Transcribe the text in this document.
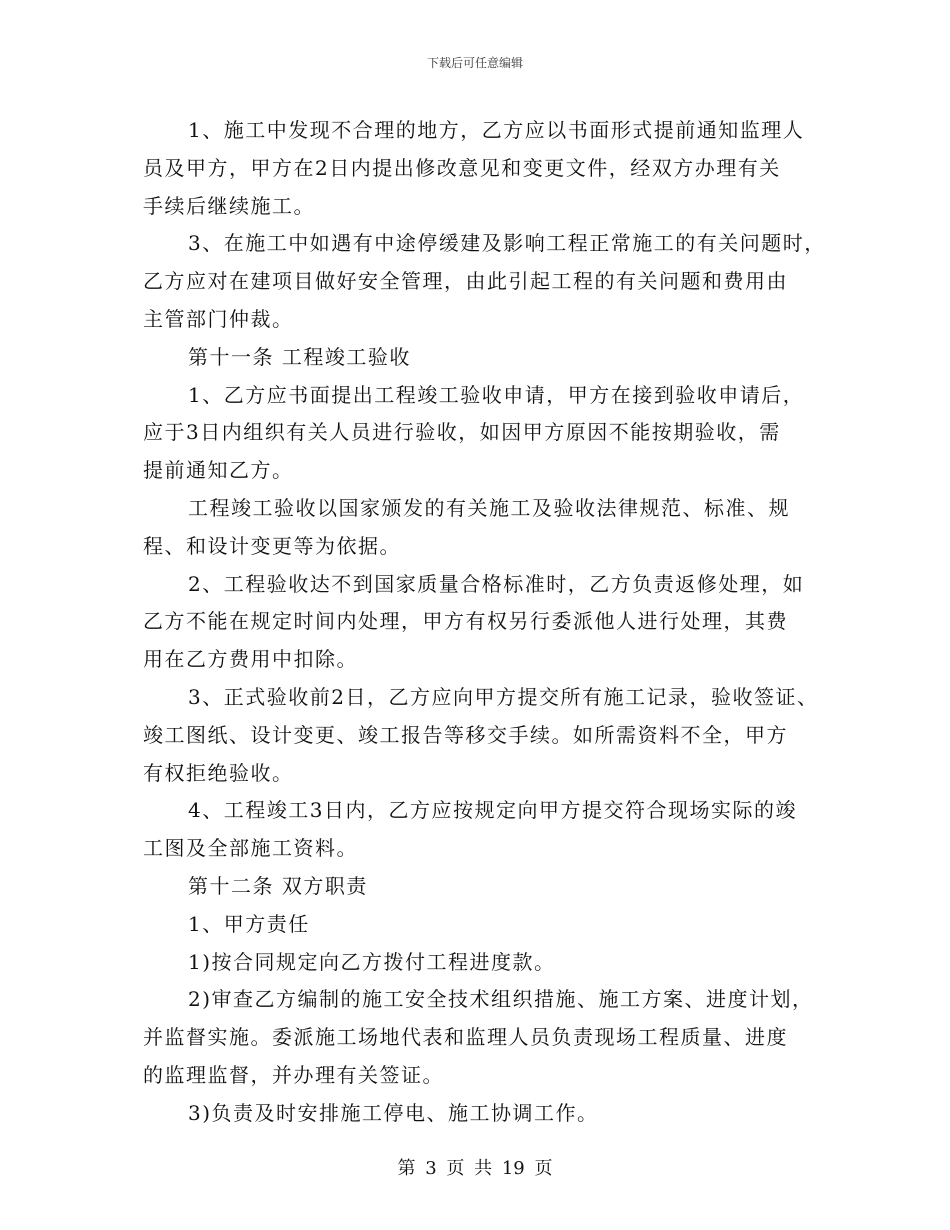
下载后可任意编辑
1、施工中发现不合理的地方，乙方应以书面形式提前通知监理人
员及甲方，甲方在2日内提出修改意见和变更文件，经双方办理有关
手续后继续施工。
3、在施工中如遇有中途停缓建及影响工程正常施工的有关问题时，
乙方应对在建项目做好安全管理，由此引起工程的有关问题和费用由
主管部门仲裁。
第十一条 工程竣工验收
1、乙方应书面提出工程竣工验收申请，甲方在接到验收申请后，
应于3日内组织有关人员进行验收，如因甲方原因不能按期验收，需
提前通知乙方。
工程竣工验收以国家颁发的有关施工及验收法律规范、标准、规
程、和设计变更等为依据。
2、工程验收达不到国家质量合格标准时，乙方负责返修处理，如
乙方不能在规定时间内处理，甲方有权另行委派他人进行处理，其费
用在乙方费用中扣除。
3、正式验收前2日，乙方应向甲方提交所有施工记录，验收签证、
竣工图纸、设计变更、竣工报告等移交手续。如所需资料不全，甲方
有权拒绝验收。
4、工程竣工3日内，乙方应按规定向甲方提交符合现场实际的竣
工图及全部施工资料。
第十二条 双方职责
1、甲方责任
1)按合同规定向乙方拨付工程进度款。
2)审查乙方编制的施工安全技术组织措施、施工方案、进度计划，
并监督实施。委派施工场地代表和监理人员负责现场工程质量、进度
的监理监督，并办理有关签证。
3)负责及时安排施工停电、施工协调工作。
第 3 页 共 19 页
